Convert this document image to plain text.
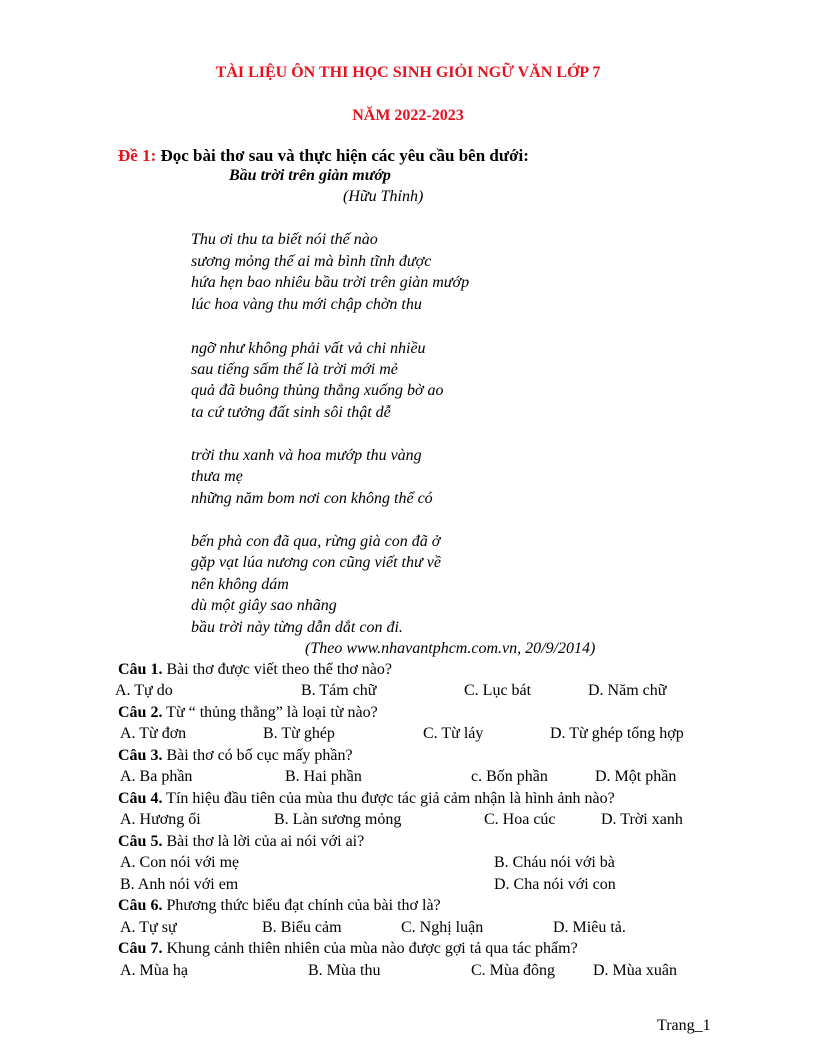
TÀI LIỆU ÔN THI HỌC SINH GIỎI NGỮ VĂN LỚP 7
NĂM 2022-2023
Đề 1: Đọc bài thơ sau và thực hiện các yêu cầu bên dưới:
Bầu trời trên giàn mướp
(Hữu Thỉnh)
Thu ơi thu ta biết nói thế nào
sương mỏng thế ai mà bình tĩnh được
hứa hẹn bao nhiêu bầu trời trên giàn mướp
lúc hoa vàng thu mới chập chờn thu
ngỡ như không phải vất vả chi nhiều
sau tiếng sấm thế là trời mới mẻ
quả đã buông thủng thẳng xuống bờ ao
ta cứ tưởng đất sinh sôi thật dễ
trời thu xanh và hoa mướp thu vàng
thưa mẹ
những năm bom nơi con không thể có
bến phà con đã qua, rừng già con đã ở
gặp vạt lúa nương con cũng viết thư về
nên không dám
dù một giây sao nhãng
bầu trời này từng dẫn dắt con đi.
(Theo www.nhavantphcm.com.vn, 20/9/2014)
Câu 1. Bài thơ được viết theo thể thơ nào?
A. Tự do	B. Tám chữ	C. Lục bát	D. Năm chữ
Câu 2. Từ “ thủng thẳng” là loại từ nào?
A. Từ đơn	B. Từ ghép	C. Từ láy	D. Từ ghép tổng hợp
Câu 3. Bài thơ có bố cục mấy phần?
A. Ba phần	B. Hai phần	c. Bốn phần	D. Một phần
Câu 4. Tín hiệu đầu tiên của mùa thu được tác giả cảm nhận là hình ảnh nào?
A. Hương ổi	B. Làn sương mỏng	C. Hoa cúc	D. Trời xanh
Câu 5. Bài thơ là lời của ai nói với ai?
A. Con nói với mẹ	B. Cháu nói với bà
B. Anh nói với em	D. Cha nói với con
Câu 6. Phương thức biểu đạt chính của bài thơ là?
A. Tự sự	B. Biểu cảm	C. Nghị luận	D. Miêu tả.
Câu 7. Khung cảnh thiên nhiên của mùa nào được gợi tả qua tác phẩm?
A. Mùa hạ	B. Mùa thu	C. Mùa đông D. Mùa xuân
Trang_1
